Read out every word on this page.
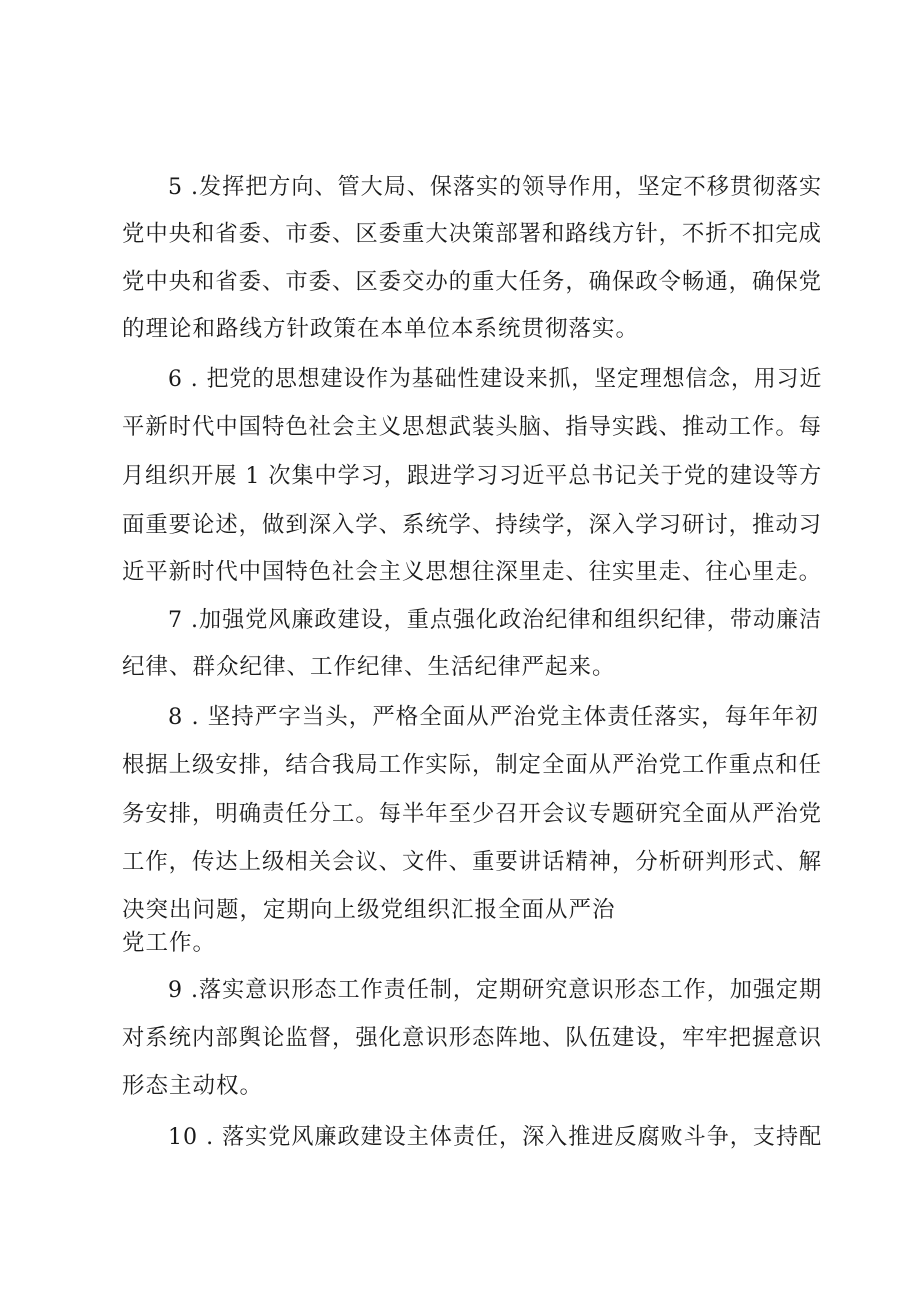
5 .发挥把方向、管大局、保落实的领导作用，坚定不移贯彻落实
党中央和省委、市委、区委重大决策部署和路线方针，不折不扣完成
党中央和省委、市委、区委交办的重大任务，确保政令畅通，确保党
的理论和路线方针政策在本单位本系统贯彻落实。
6 . 把党的思想建设作为基础性建设来抓，坚定理想信念，用习近
平新时代中国特色社会主义思想武装头脑、指导实践、推动工作。每
月组织开展 1 次集中学习，跟进学习习近平总书记关于党的建设等方
面重要论述，做到深入学、系统学、持续学，深入学习研讨，推动习
近平新时代中国特色社会主义思想往深里走、往实里走、往心里走。
7 .加强党风廉政建设，重点强化政治纪律和组织纪律，带动廉洁
纪律、群众纪律、工作纪律、生活纪律严起来。
8 . 坚持严字当头，严格全面从严治党主体责任落实，每年年初
根据上级安排，结合我局工作实际，制定全面从严治党工作重点和任
务安排，明确责任分工。每半年至少召开会议专题研究全面从严治党
工作，传达上级相关会议、文件、重要讲话精神，分析研判形式、解
决突出问题，定期向上级党组织汇报全面从严治
党工作。
9 .落实意识形态工作责任制，定期研究意识形态工作，加强定期
对系统内部舆论监督，强化意识形态阵地、队伍建设，牢牢把握意识
形态主动权。
10 . 落实党风廉政建设主体责任，深入推进反腐败斗争，支持配
